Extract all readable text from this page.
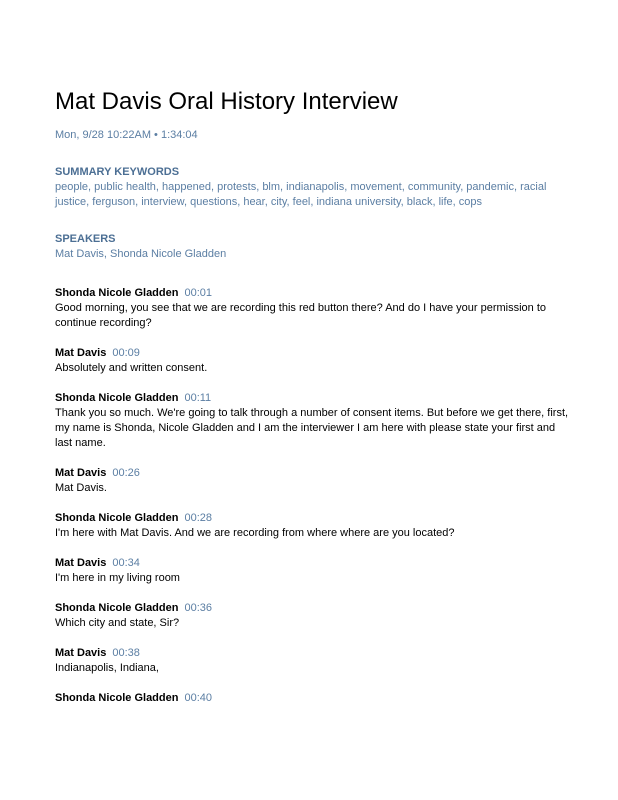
Mat Davis Oral History Interview
Mon, 9/28 10:22AM • 1:34:04
SUMMARY KEYWORDS
people, public health, happened, protests, blm, indianapolis, movement, community, pandemic, racial justice, ferguson, interview, questions, hear, city, feel, indiana university, black, life, cops
SPEAKERS
Mat Davis, Shonda Nicole Gladden
Shonda Nicole Gladden 00:01
Good morning, you see that we are recording this red button there? And do I have your permission to continue recording?
Mat Davis 00:09
Absolutely and written consent.
Shonda Nicole Gladden 00:11
Thank you so much. We're going to talk through a number of consent items. But before we get there, first, my name is Shonda, Nicole Gladden and I am the interviewer I am here with please state your first and last name.
Mat Davis 00:26
Mat Davis.
Shonda Nicole Gladden 00:28
I'm here with Mat Davis. And we are recording from where where are you located?
Mat Davis 00:34
I'm here in my living room
Shonda Nicole Gladden 00:36
Which city and state, Sir?
Mat Davis 00:38
Indianapolis, Indiana,
Shonda Nicole Gladden 00:40
